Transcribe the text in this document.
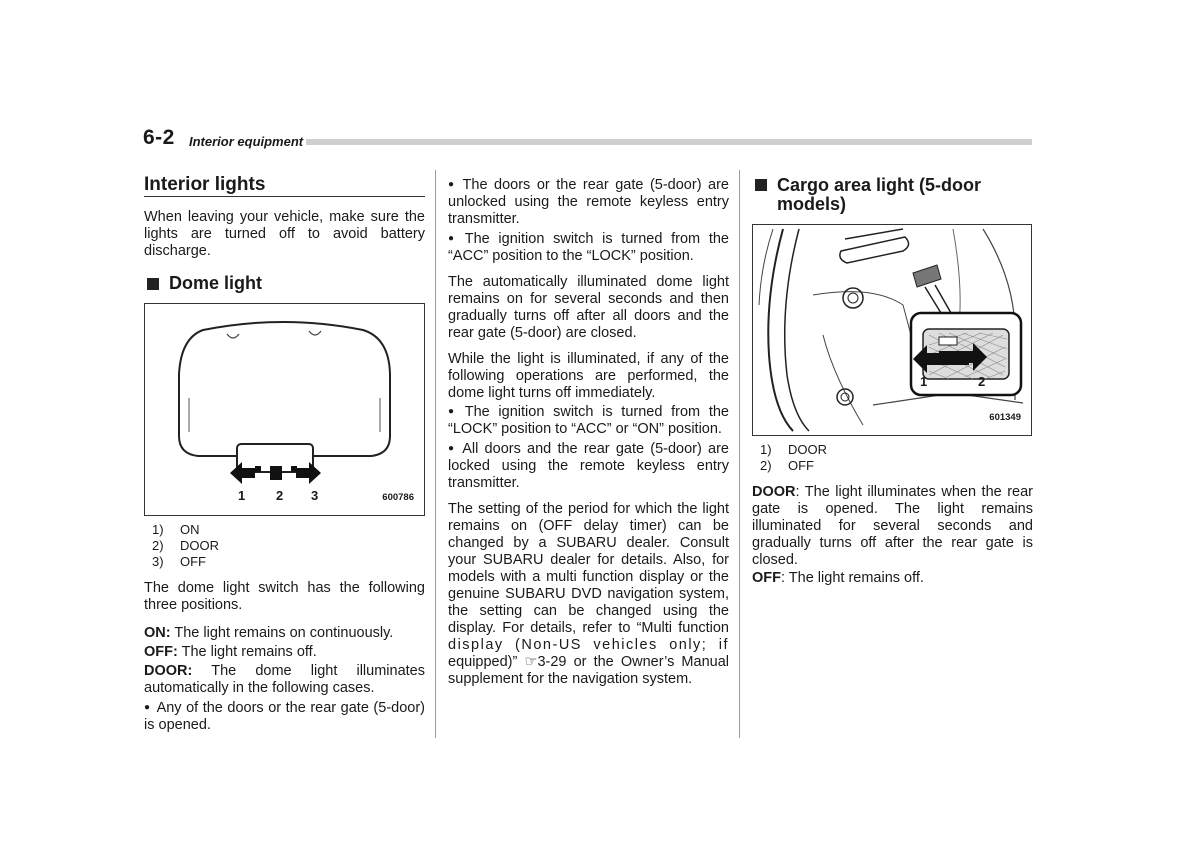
6-2 Interior equipment
Interior lights

When leaving your vehicle, make sure the lights are turned off to avoid battery discharge.

Dome light
1 2 3	600786
1)	ON
2)	DOOR
3)	OFF

The dome light switch has the following three positions.

ON: The light remains on continuously.

OFF: The light remains off.

DOOR: The dome light illuminates automatically in the following cases.

● Any of the doors or the rear gate (5-door) is opened.

● The doors or the rear gate (5-door) are unlocked using the remote keyless entry transmitter.

● The ignition switch is turned from the “ACC” position to the “LOCK” position.

The automatically illuminated dome light remains on for several seconds and then gradually turns off after all doors and the rear gate (5-door) are closed.

While the light is illuminated, if any of the following operations are performed, the dome light turns off immediately.

● The ignition switch is turned from the “LOCK” position to “ACC” or “ON” position.

● All doors and the rear gate (5-door) are locked using the remote keyless entry transmitter.

The setting of the period for which the light remains on (OFF delay timer) can be changed by a SUBARU dealer. Consult your SUBARU dealer for details. Also, for models with a multi function display or the genuine SUBARU DVD navigation system, the setting can be changed using the display. For details, refer to “Multi function display (Non-US vehicles only; if equipped)” ☞3-29 or the Owner’s Manual supplement for the navigation system.

Cargo area light (5-door models)
1	2
601349
1)	DOOR
2)	OFF

DOOR: The light illuminates when the rear gate is opened. The light remains illuminated for several seconds and gradually turns off after the rear gate is closed.

OFF: The light remains off.
